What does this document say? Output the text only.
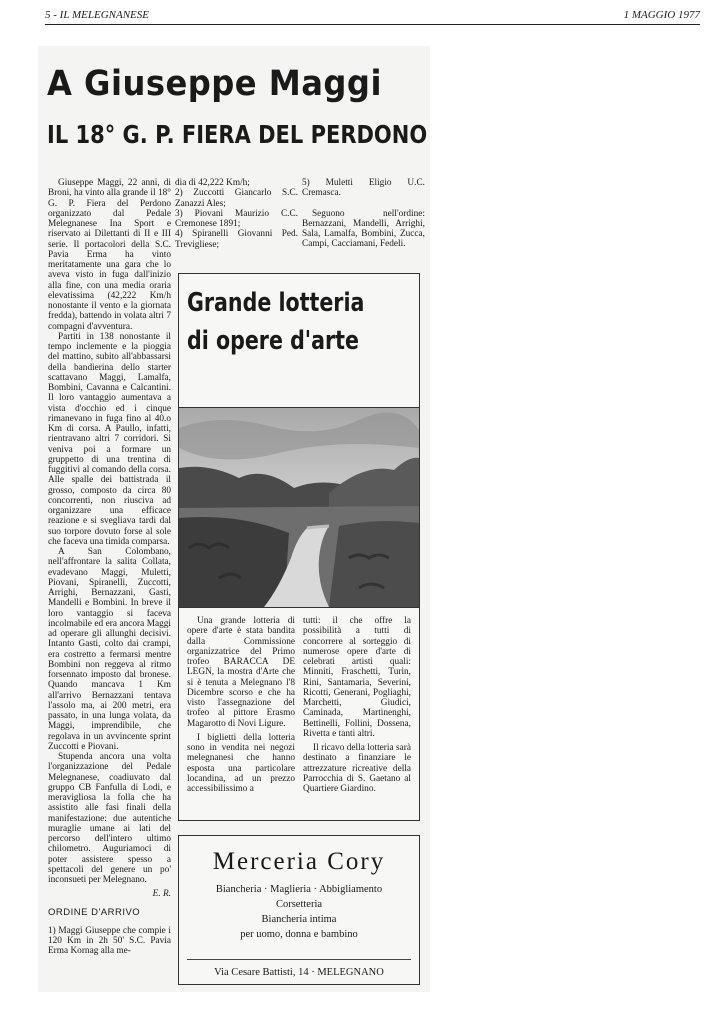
5 - IL MELEGNANESE	1 MAGGIO 1977
A Giuseppe Maggi
IL 18° G. P. FIERA DEL PERDONO

Giuseppe Maggi, 22 anni, di Broni, ha vinto alla grande il 18° G. P. Fiera del Perdono organizzato dal Pedale Melegnanese Ina Sport e riservato ai Dilettanti di II e III serie. Il portacolori della S.C. Pavia Erma ha vinto meritatamente una gara che lo aveva visto in fuga dall'inizio alla fine, con una media oraria elevatissima (42,222 Km/h nonostante il vento e la giornata fredda), battendo in volata altri 7 compagni d'avventura.

Partiti in 138 nonostante il tempo inclemente e la pioggia del mattino, subito all'abbassarsi della bandierina dello starter scattavano Maggi, Lamalfa, Bombini, Cavanna e Calcantini. Il loro vantaggio aumentava a vista d'occhio ed i cinque rimanevano in fuga fino al 40.o Km di corsa. A Paullo, infatti, rientravano altri 7 corridori. Si veniva poi a formare un gruppetto di una trentina di fuggitivi al comando della corsa. Alle spalle dei battistrada il grosso, composto da circa 80 concorrenti, non riusciva ad organizzare una efficace reazione e si svegliava tardi dal suo torpore dovuto forse al sole che faceva una timida comparsa.

A San Colombano, nell'affrontare la salita Collata, evadevano Maggi, Muletti, Piovani, Spiranelli, Zuccotti, Arrighi, Bernazzani, Gasti, Mandelli e Bombini. In breve il loro vantaggio si faceva incolmabile ed era ancora Maggi ad operare gli allunghi decisivi. Intanto Gasti, colto dai crampi, era costretto a fermarsi mentre Bombini non reggeva al ritmo forsennato imposto dal bronese. Quando mancava 1 Km all'arrivo Bernazzani tentava l'assolo ma, ai 200 metri, era passato, in una lunga volata, da Maggi, imprendibile, che regolava in un avvincente sprint Zuccotti e Piovani.

Stupenda ancora una volta l'organizzazione del Pedale Melegnanese, coadiuvato dal gruppo CB Fanfulla di Lodi, e meravigliosa la folla che ha assistito alle fasi finali della manifestazione: due autentiche muraglie umane ai lati del percorso dell'intero ultimo chilometro. Auguriamoci di poter assistere spesso a spettacoli del genere un po' inconsueti per Melegnano.

E. R.

ORDINE D'ARRIVO

1) Maggi Giuseppe che compie i 120 Km in 2h 50' S.C. Pavia Erma Kornag alla me-

dia di 42,222 Km/h;

2) Zuccotti Giancarlo S.C. Zanazzi Ales;

3) Piovani Maurizio C.C. Cremonese 1891;

4) Spiranelli Giovanni Ped. Trevigliese;

5) Muletti Eligio U.C. Cremasca.

Seguono nell'ordine: Bernazzani, Mandelli, Arrighi, Sala, Lamalfa, Bombini, Zucca, Campi, Cacciamani, Fedeli.

Grande lotteria
di opere d'arte

Una grande lotteria di opere d'arte è stata bandita dalla Commissione organizzatrice del Primo trofeo BARACCA DE LEGN, la mostra d'Arte che si è tenuta a Melegnano l'8 Dicembre scorso e che ha visto l'assegnazione del trofeo al pittore Erasmo Magarotto di Novi Ligure.

I biglietti della lotteria sono in vendita nei negozi melegnanesi che hanno esposta una particolare locandina, ad un prezzo accessibilissimo a

tutti: il che offre la possibilità a tutti di concorrere al sorteggio di numerose opere d'arte di celebrati artisti quali: Minniti, Fraschetti, Turin, Rini, Santamaria, Severini, Ricotti, Generani, Pogliaghi, Marchetti, Giudici, Caminada, Martinenghi, Bettinelli, Follini, Dossena, Rivetta e tanti altri.

Il ricavo della lotteria sarà destinato a finanziare le attrezzature ricreative della Parrocchia di S. Gaetano al Quartiere Giardino.

Merceria Cory
Biancheria · Maglieria · Abbigliamento
Corsetteria
Biancheria intima
per uomo, donna e bambino
Via Cesare Battisti, 14 · MELEGNANO
